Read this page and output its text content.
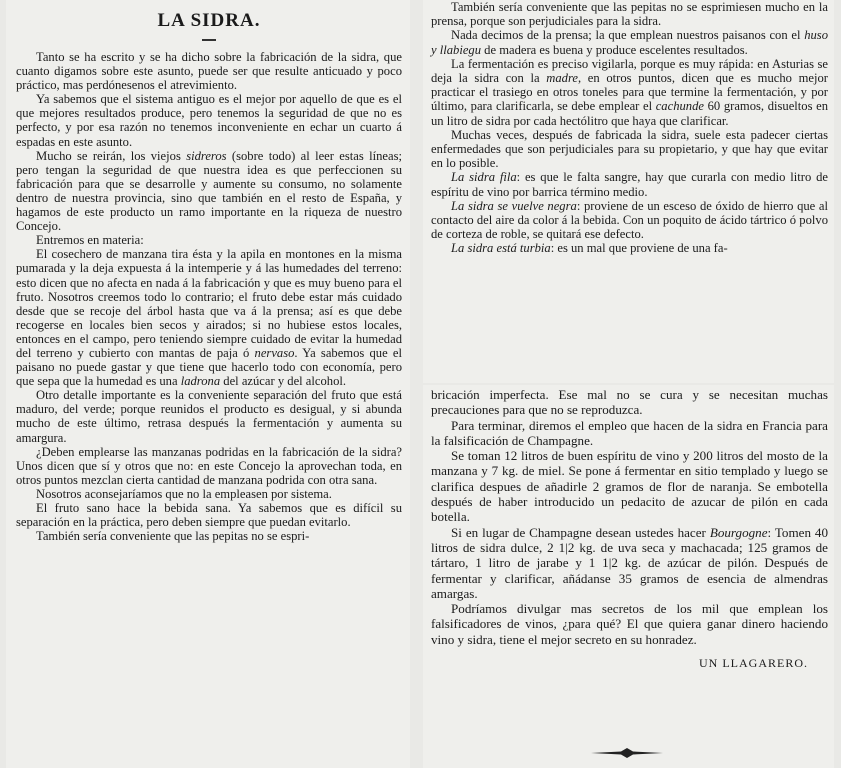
LA SIDRA.

Tanto se ha escrito y se ha dicho sobre la fabricación de la sidra, que cuanto digamos sobre este asunto, puede ser que resulte anticuado y poco práctico, mas perdónesenos el atrevimiento.

Ya sabemos que el sistema antiguo es el mejor por aquello de que es el que mejores resultados produce, pero tenemos la seguridad de que no es perfecto, y por esa razón no tenemos inconveniente en echar un cuarto á espadas en este asunto.

Mucho se reirán, los viejos sidreros (sobre todo) al leer estas líneas; pero tengan la seguridad de que nuestra idea es que perfeccionen su fabricación para que se desarrolle y aumente su consumo, no solamente dentro de nuestra provincia, sino que también en el resto de España, y hagamos de este producto un ramo importante en la riqueza de nuestro Concejo.

Entremos en materia:

El cosechero de manzana tira ésta y la apila en montones en la misma pumarada y la deja expuesta á la intemperie y á las humedades del terreno: esto dicen que no afecta en nada á la fabricación y que es muy bueno para el fruto. Nosotros creemos todo lo contrario; el fruto debe estar más cuidado desde que se recoje del árbol hasta que va á la prensa; así es que debe recogerse en locales bien secos y airados; si no hubiese estos locales, entonces en el campo, pero teniendo siempre cuidado de evitar la humedad del terreno y cubierto con mantas de paja ó nervaso. Ya sabemos que el paisano no puede gastar y que tiene que hacerlo todo con economía, pero que sepa que la humedad es una ladrona del azúcar y del alcohol.

Otro detalle importante es la conveniente separación del fruto que está maduro, del verde; porque reunidos el producto es desigual, y si abunda mucho de este último, retrasa después la fermentación y aumenta su amargura.

¿Deben emplearse las manzanas podridas en la fabricación de la sidra? Unos dicen que sí y otros que no: en este Concejo la aprovechan toda, en otros puntos mezclan cierta cantidad de manzana podrida con otra sana.

Nosotros aconsejaríamos que no la empleasen por sistema.

El fruto sano hace la bebida sana. Ya sabemos que es difícil su separación en la práctica, pero deben siempre que puedan evitarlo.

También sería conveniente que las pepitas no se espri-

También sería conveniente que las pepitas no se esprimiesen mucho en la prensa, porque son perjudiciales para la sidra.

Nada decimos de la prensa; la que emplean nuestros paisanos con el huso y llabiegu de madera es buena y produce escelentes resultados.

La fermentación es preciso vigilarla, porque es muy rápida: en Asturias se deja la sidra con la madre, en otros puntos, dicen que es mucho mejor practicar el trasiego en otros toneles para que termine la fermentación, y por último, para clarificarla, se debe emplear el cachunde 60 gramos, disueltos en un litro de sidra por cada hectólitro que haya que clarificar.

Muchas veces, después de fabricada la sidra, suele esta padecer ciertas enfermedades que son perjudiciales para su propietario, y que hay que evitar en lo posible.

La sidra fila: es que le falta sangre, hay que curarla con medio litro de espíritu de vino por barrica término medio.

La sidra se vuelve negra: proviene de un esceso de óxido de hierro que al contacto del aire da color á la bebida. Con un poquito de ácido tártrico ó polvo de corteza de roble, se quitará ese defecto.

La sidra está turbia: es un mal que proviene de una fa-

bricación imperfecta. Ese mal no se cura y se necesitan muchas precauciones para que no se reproduzca.

Para terminar, diremos el empleo que hacen de la sidra en Francia para la falsificación de Champagne.

Se toman 12 litros de buen espíritu de vino y 200 litros del mosto de la manzana y 7 kg. de miel. Se pone á fermentar en sitio templado y luego se clarifica despues de añadirle 2 gramos de flor de naranja. Se embotella después de haber introducido un pedacito de azucar de pilón en cada botella.

Si en lugar de Champagne desean ustedes hacer Bourgogne: Tomen 40 litros de sidra dulce, 2 1|2 kg. de uva seca y machacada; 125 gramos de tártaro, 1 litro de jarabe y 1 1|2 kg. de azúcar de pilón. Después de fermentar y clarificar, añádanse 35 gramos de esencia de almendras amargas.

Podríamos divulgar mas secretos de los mil que emplean los falsificadores de vinos, ¿para qué? El que quiera ganar dinero haciendo vino y sidra, tiene el mejor secreto en su honradez.

UN LLAGARERO.
